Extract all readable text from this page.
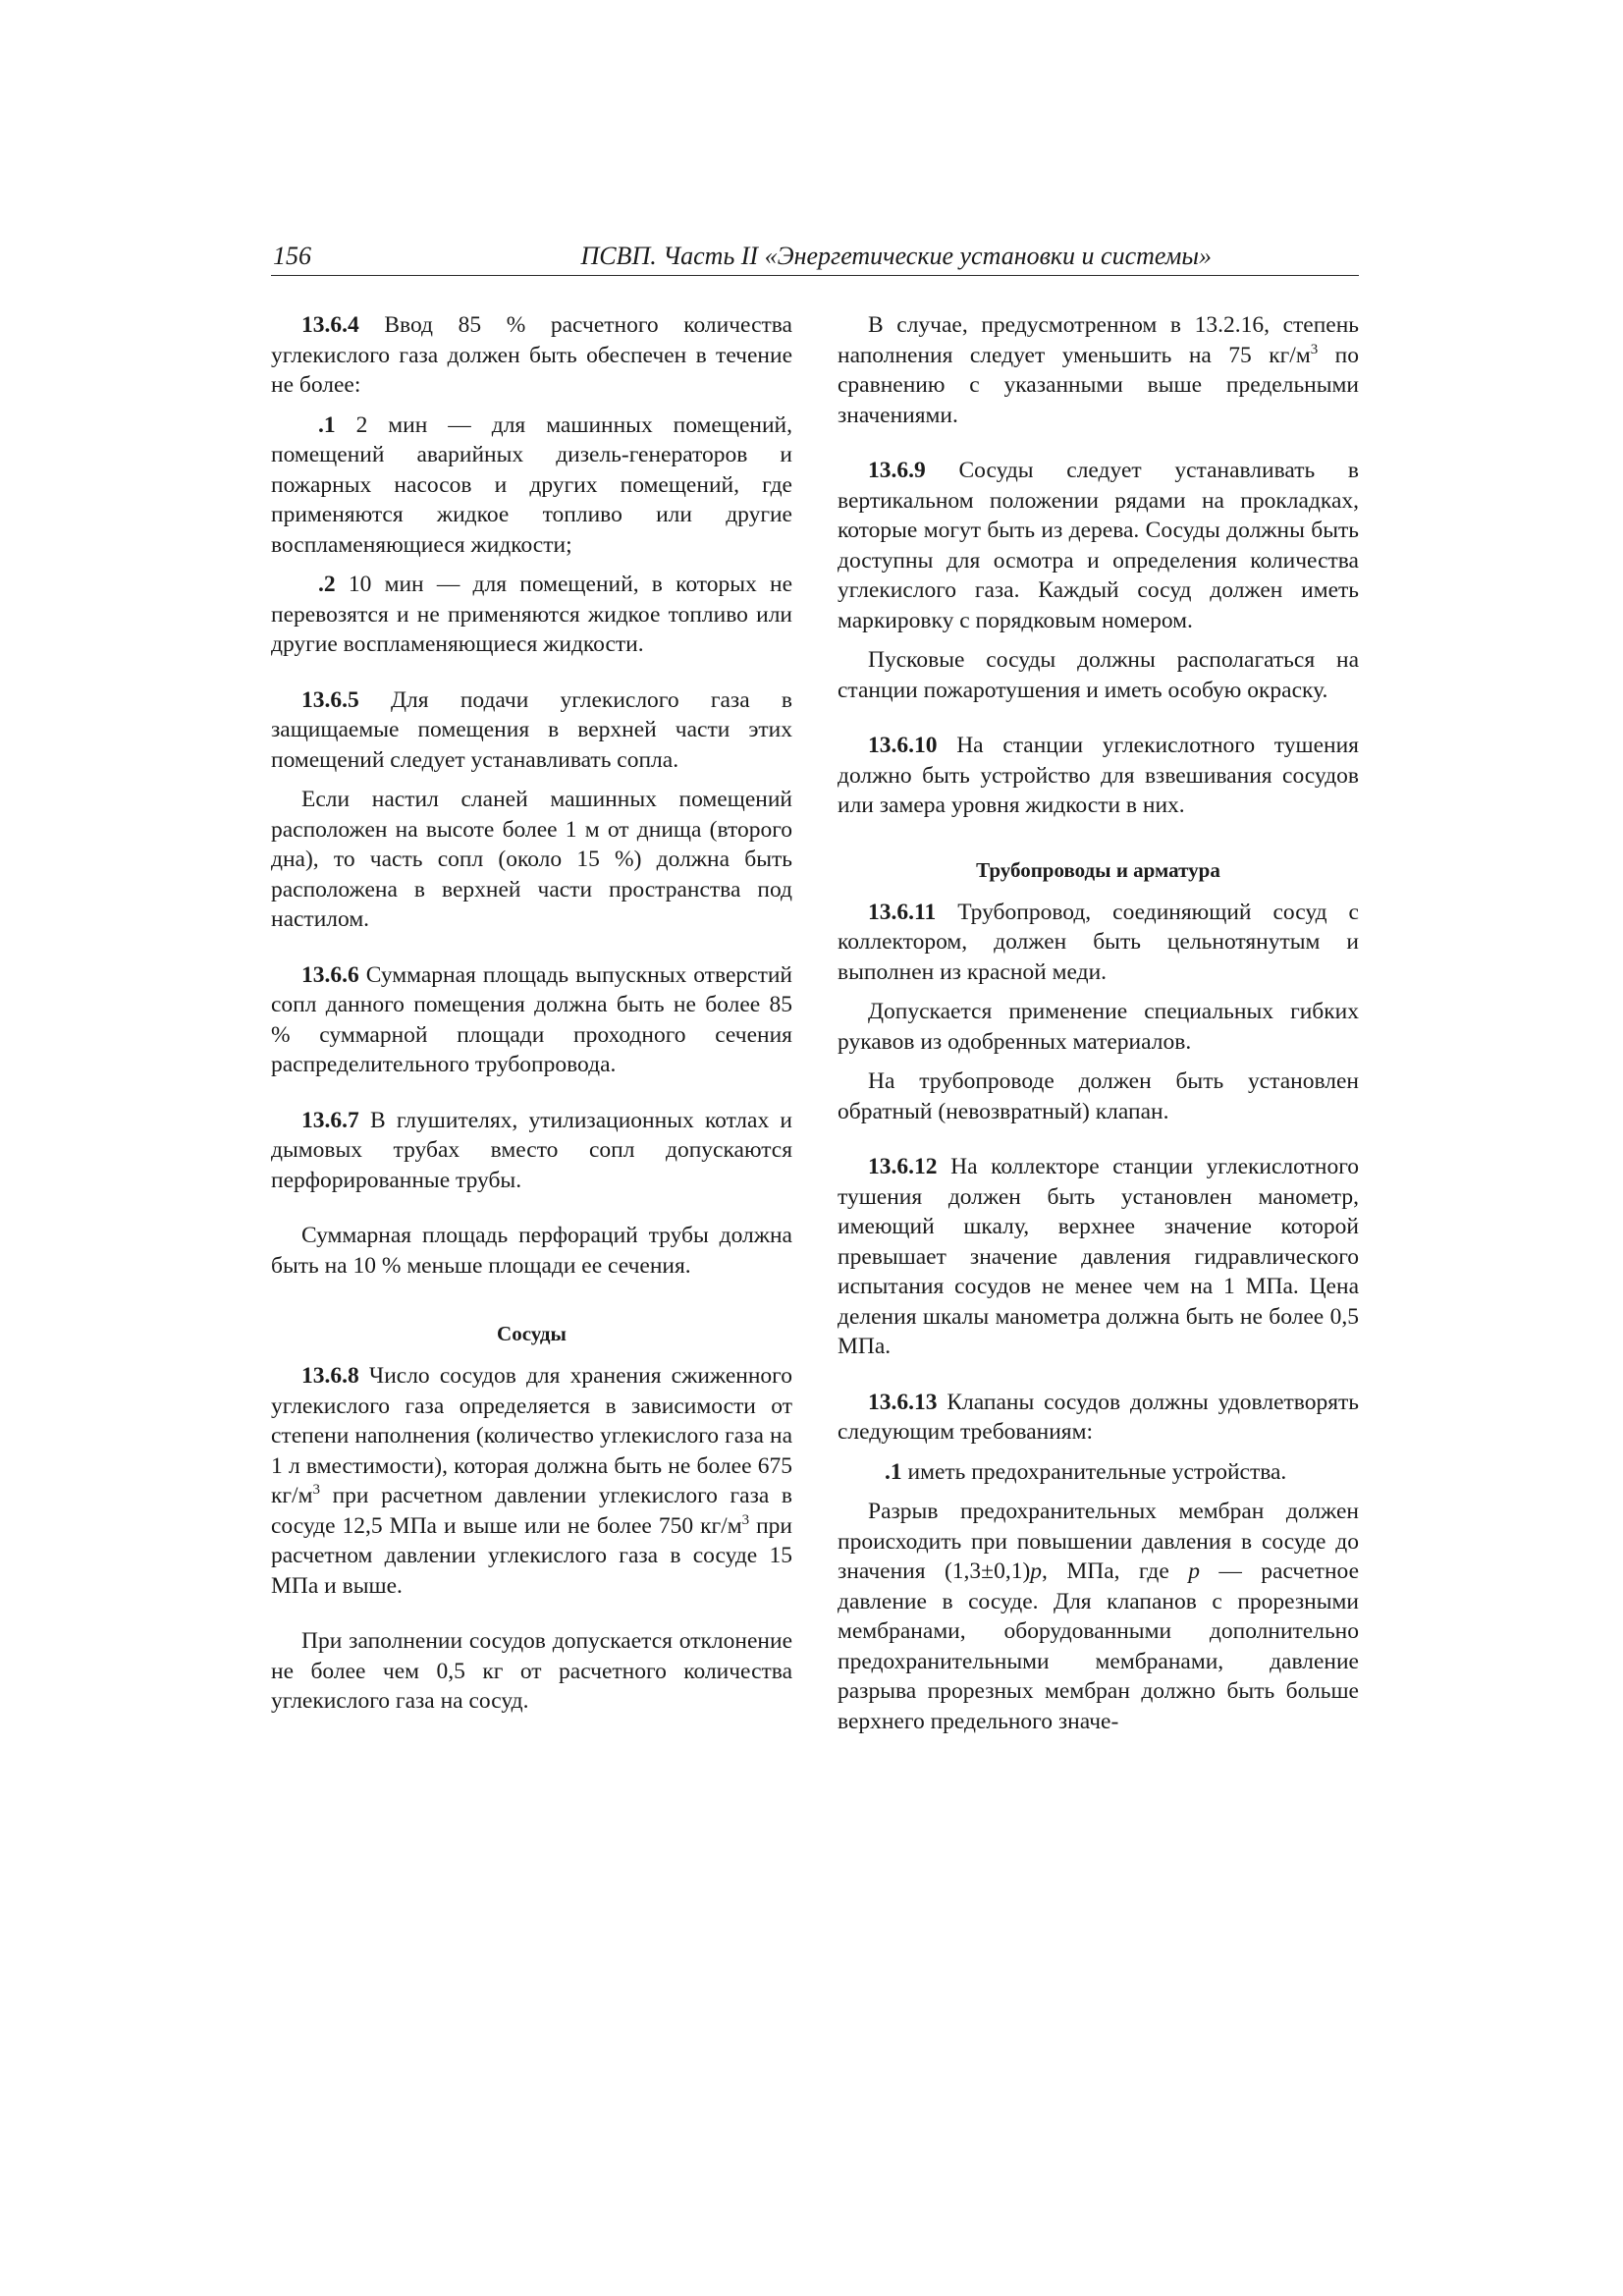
156	ПСВП. Часть II «Энергетические установки и системы»

13.6.4 Ввод 85 % расчетного количества углекислого газа должен быть обеспечен в течение не более:

.1 2 мин — для машинных помещений, помещений аварийных дизель-генераторов и пожарных насосов и других помещений, где применяются жидкое топливо или другие воспламеняющиеся жидкости;

.2 10 мин — для помещений, в которых не перевозятся и не применяются жидкое топливо или другие воспламеняющиеся жидкости.

13.6.5 Для подачи углекислого газа в защищаемые помещения в верхней части этих помещений следует устанавливать сопла.

Если настил сланей машинных помещений расположен на высоте более 1 м от днища (второго дна), то часть сопл (около 15 %) должна быть расположена в верхней части пространства под настилом.

13.6.6 Суммарная площадь выпускных отверстий сопл данного помещения должна быть не более 85 % суммарной площади проходного сечения распределительного трубопровода.

13.6.7 В глушителях, утилизационных котлах и дымовых трубах вместо сопл допускаются перфорированные трубы.

Суммарная площадь перфораций трубы должна быть на 10 % меньше площади ее сечения.

Сосуды

13.6.8 Число сосудов для хранения сжиженного углекислого газа определяется в зависимости от степени наполнения (количество углекислого газа на 1 л вместимости), которая должна быть не более 675 $кг/м^3$ при расчетном давлении углекислого газа в сосуде 12,5 МПа и выше или не более 750 $кг/м^3$ при расчетном давлении углекислого газа в сосуде 15 МПа и выше.

При заполнении сосудов допускается отклонение не более чем 0,5 кг от расчетного количества углекислого газа на сосуд.

В случае, предусмотренном в 13.2.16, степень наполнения следует уменьшить на 75 $кг/м^3$ по сравнению с указанными выше предельными значениями.

13.6.9 Сосуды следует устанавливать в вертикальном положении рядами на прокладках, которые могут быть из дерева. Сосуды должны быть доступны для осмотра и определения количества углекислого газа. Каждый сосуд должен иметь маркировку с порядковым номером.

Пусковые сосуды должны располагаться на станции пожаротушения и иметь особую окраску.

13.6.10 На станции углекислотного тушения должно быть устройство для взвешивания сосудов или замера уровня жидкости в них.

Трубопроводы и арматура

13.6.11 Трубопровод, соединяющий сосуд с коллектором, должен быть цельнотянутым и выполнен из красной меди.

Допускается применение специальных гибких рукавов из одобренных материалов.

На трубопроводе должен быть установлен обратный (невозвратный) клапан.

13.6.12 На коллекторе станции углекислотного тушения должен быть установлен манометр, имеющий шкалу, верхнее значение которой превышает значение давления гидравлического испытания сосудов не менее чем на 1 МПа. Цена деления шкалы манометра должна быть не более 0,5 МПа.

13.6.13 Клапаны сосудов должны удовлетворять следующим требованиям:

.1 иметь предохранительные устройства.

Разрыв предохранительных мембран должен происходить при повышении давления в сосуде до значения (1,3±0,1)p, МПа, где p — расчетное давление в сосуде. Для клапанов с прорезными мембранами, оборудованными дополнительно предохранительными мембранами, давление разрыва прорезных мембран должно быть больше верхнего предельного значе-
